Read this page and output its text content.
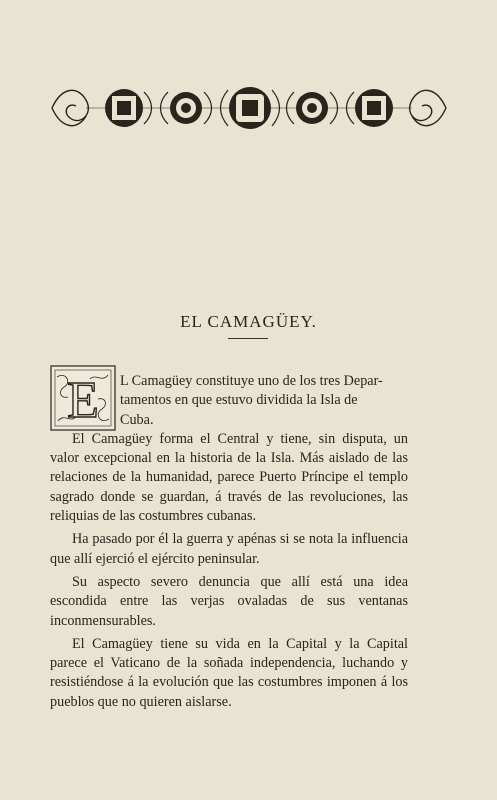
EL CAMAGÜEY.
E L Camagüey constituye uno de los tres Depar-
tamentos en que estuvo dividida la Isla de
Cuba.

El Camagüey forma el Central y tiene, sin disputa, un valor excepcional en la historia de la Isla. Más aislado de las relaciones de la humanidad, parece Puerto Príncipe el templo sagrado donde se guardan, á través de las revoluciones, las reliquias de las costumbres cubanas.

Ha pasado por él la guerra y apénas si se nota la influencia que allí ejerció el ejército peninsular.

Su aspecto severo denuncia que allí está una idea escondida entre las verjas ovaladas de sus ventanas inconmensurables.

El Camagüey tiene su vida en la Capital y la Capital parece el Vaticano de la soñada independencia, luchando y resistiéndose á la evolución que las costumbres imponen á los pueblos que no quieren aislarse.
